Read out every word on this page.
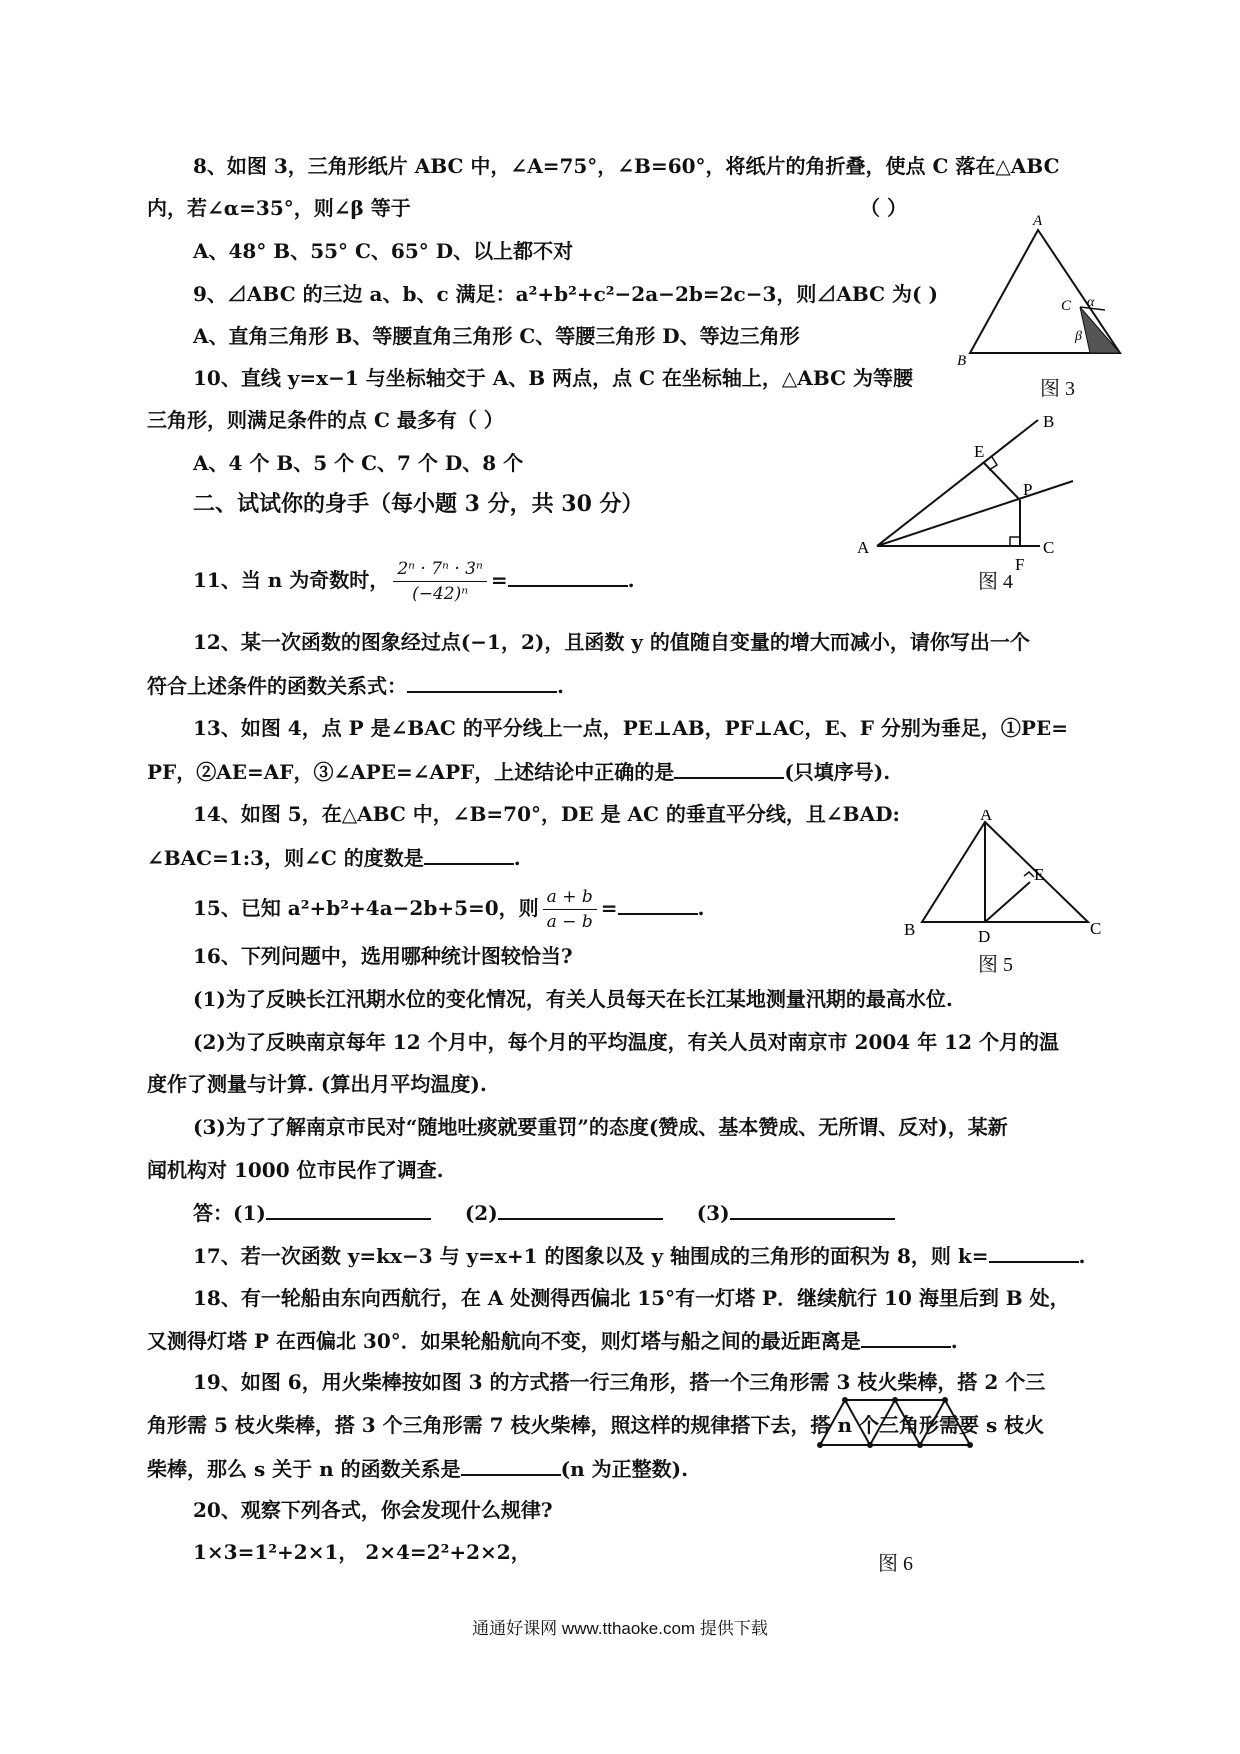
8、如图 3，三角形纸片 ABC 中，∠A=75°，∠B=60°，将纸片的角折叠，使点 C 落在△ABC
内，若∠α=35°，则∠β 等于	（ ）
A、48° B、55° C、65° D、以上都不对
9、⊿ABC 的三边 a、b、c 满足：a²+b²+c²−2a−2b=2c−3，则⊿ABC 为( )
A、直角三角形 B、等腰直角三角形 C、等腰三角形 D、等边三角形
10、直线 y=x−1 与坐标轴交于 A、B 两点，点 C 在坐标轴上，△ABC 为等腰
三角形，则满足条件的点 C 最多有（ ）
A、4 个 B、5 个 C、7 个 D、8 个
二、试试你的身手（每小题 3 分，共 30 分）
11、当 n 为奇数时， $\frac{\text{2ⁿ · 7ⁿ · 3ⁿ}}{\text{(−42)ⁿ}}$ =	.
12、某一次函数的图象经过点(−1，2)，且函数 y 的值随自变量的增大而减小，请你写出一个
符合上述条件的函数关系式：	.
13、如图 4，点 P 是∠BAC 的平分线上一点，PE⊥AB，PF⊥AC，E、F 分别为垂足，①PE=
PF，②AE=AF，③∠APE=∠APF，上述结论中正确的是	(只填序号).
14、如图 5，在△ABC 中，∠B=70°，DE 是 AC 的垂直平分线，且∠BAD:
∠BAC=1:3，则∠C 的度数是	.
15、已知 a²+b²+4a−2b+5=0，则 $\frac{a + b}{a - b}$ =	.
16、下列问题中，选用哪种统计图较恰当?
(1)为了反映长江汛期水位的变化情况，有关人员每天在长江某地测量汛期的最高水位.
(2)为了反映南京每年 12 个月中，每个月的平均温度，有关人员对南京市 2004 年 12 个月的温
度作了测量与计算. (算出月平均温度).
(3)为了了解南京市民对“随地吐痰就要重罚”的态度(赞成、基本赞成、无所谓、反对)，某新
闻机构对 1000 位市民作了调查.
答：(1)	(2)	(3)
17、若一次函数 y=kx−3 与 y=x+1 的图象以及 y 轴围成的三角形的面积为 8，则 k=	.
18、有一轮船由东向西航行，在 A 处测得西偏北 15°有一灯塔 P．继续航行 10 海里后到 B 处，
又测得灯塔 P 在西偏北 30°．如果轮船航向不变，则灯塔与船之间的最近距离是	.
19、如图 6，用火柴棒按如图 3 的方式搭一行三角形，搭一个三角形需 3 枝火柴棒，搭 2 个三
角形需 5 枝火柴棒，搭 3 个三角形需 7 枝火柴棒，照这样的规律搭下去，搭 n 个三角形需要 s 枝火
柴棒，那么 s 关于 n 的函数关系是	(n 为正整数).
20、观察下列各式，你会发现什么规律?
1×3=1²+2×1， 2×4=2²+2×2，
A
B
C α
β
图 3
B
C
A
E
P
F
图 4
A
B	D
E
C
图 5
图 6
通通好课网 www.tthaoke.com 提供下载
